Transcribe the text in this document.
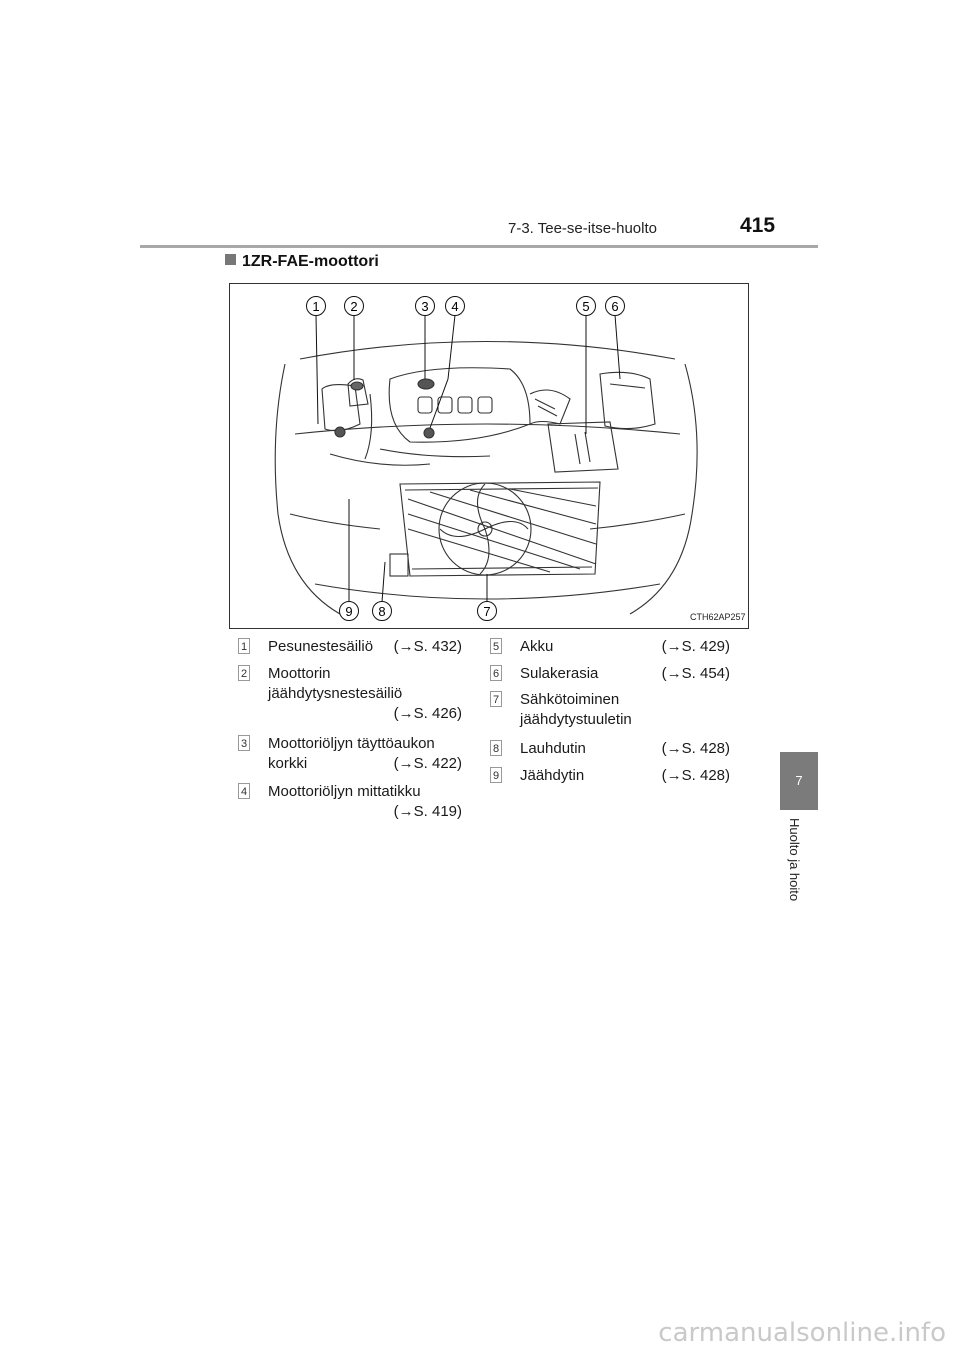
7-3. Tee-se-itse-huolto	415
7
Huolto ja hoito
1ZR-FAE-moottori
1 2	3 4	5 6
9 8	7	CTH62AP257
1 Pesunestesäiliö (→S. 432)
2 Moottorin
jäähdytysnestesäiliö
(→S. 426)
3 Moottoriöljyn täyttöaukon
korkki	(→S. 422)
4 Moottoriöljyn mittatikku
(→S. 419)
5 Akku	(→S. 429)
6 Sulakerasia	(→S. 454)
7 Sähkötoiminen
jäähdytystuuletin
8 Lauhdutin	(→S. 428)
9 Jäähdytin	(→S. 428)
carmanualsonline.info
